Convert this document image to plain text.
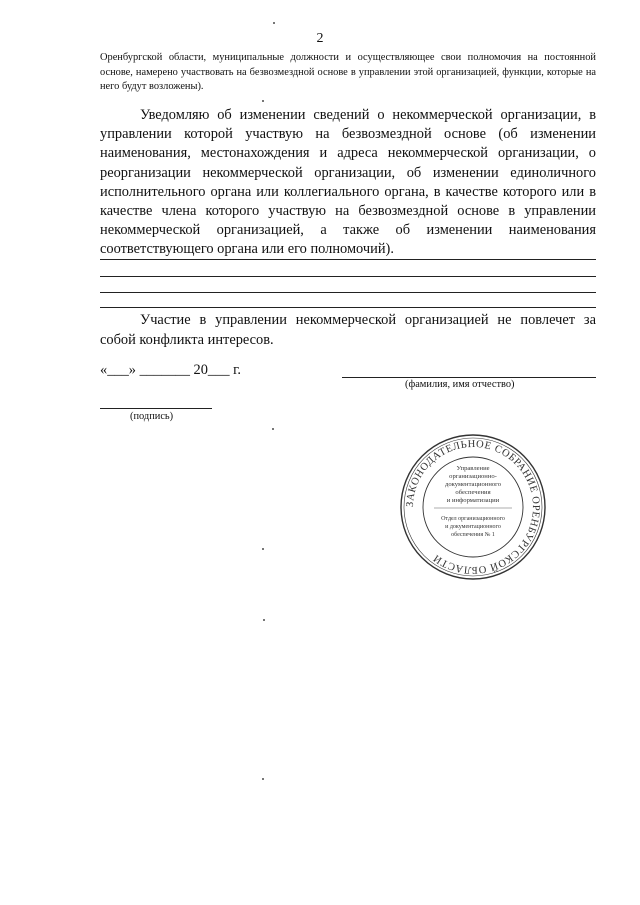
2
Оренбургской области, муниципальные должности и осуществляющее свои полномочия на постоянной основе, намерено участвовать на безвозмездной основе в управлении этой организацией, функции, которые на него будут возложены).
Уведомляю об изменении сведений о некоммерческой организации, в управлении которой участвую на безвозмездной основе (об изменении наименования, местонахождения и адреса некоммерческой организации, о реорганизации некоммерческой организации, об изменении единоличного исполнительного органа или коллегиального органа, в качестве которого или в качестве члена которого участвую на безвозмездной основе в управлении некоммерческой организацией, а также об изменении наименования соответствующего органа или его полномочий).
Участие в управлении некоммерческой организацией не повлечет за собой конфликта интересов.
«___» _______ 20___ г.
(фамилия, имя отчество)
(подпись)
ЗАКОНОДАТЕЛЬНОЕ СОБРАНИЕ ОРЕНБУРГСКОЙ ОБЛАСТИ
Управление
организационно-
документационного
обеспечения
и информатизации
Отдел организационного
и документационного
обеспечения № 1
